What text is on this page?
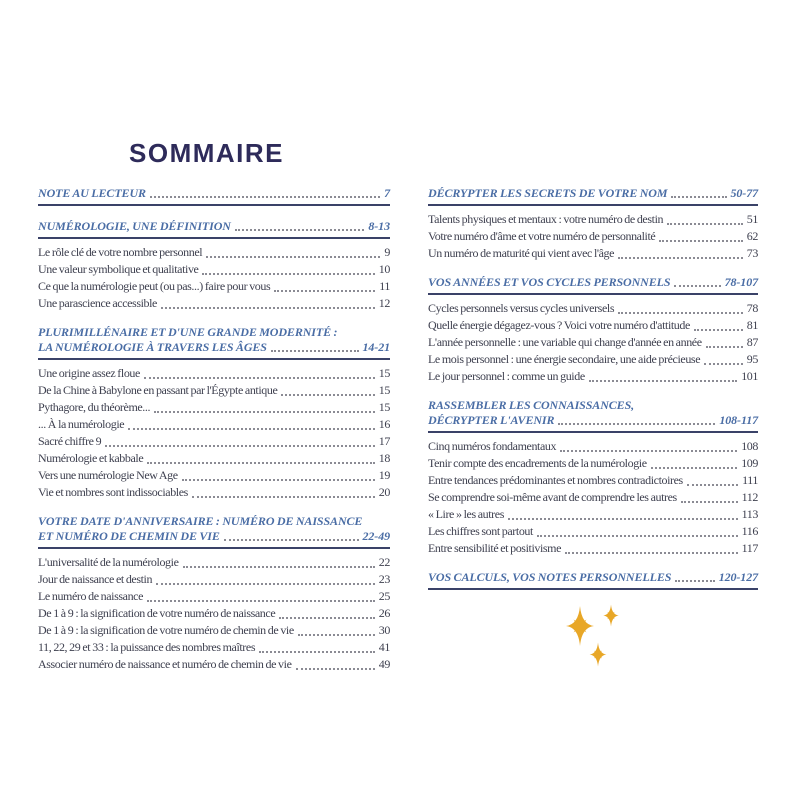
SOMMAIRE
NOTE AU LECTEUR	7
NUMÉROLOGIE, UNE DÉFINITION	8-13
Le rôle clé de votre nombre personnel	9
Une valeur symbolique et qualitative	10
Ce que la numérologie peut (ou pas...) faire pour vous	11
Une parascience accessible	12
PLURIMILLÉNAIRE ET D'UNE GRANDE MODERNITÉ :
LA NUMÉROLOGIE À TRAVERS LES ÂGES	14-21
Une origine assez floue	15
De la Chine à Babylone en passant par l'Égypte antique	15
Pythagore, du théorème...	15
... À la numérologie	16
Sacré chiffre 9	17
Numérologie et kabbale	18
Vers une numérologie New Age	19
Vie et nombres sont indissociables	20
VOTRE DATE D'ANNIVERSAIRE : NUMÉRO DE NAISSANCE
ET NUMÉRO DE CHEMIN DE VIE	22-49
L'universalité de la numérologie	22
Jour de naissance et destin	23
Le numéro de naissance	25
De 1 à 9 : la signification de votre numéro de naissance	26
De 1 à 9 : la signification de votre numéro de chemin de vie	30
11, 22, 29 et 33 : la puissance des nombres maîtres	41
Associer numéro de naissance et numéro de chemin de vie	49
DÉCRYPTER LES SECRETS DE VOTRE NOM	50-77
Talents physiques et mentaux : votre numéro de destin	51
Votre numéro d'âme et votre numéro de personnalité	62
Un numéro de maturité qui vient avec l'âge	73
VOS ANNÉES ET VOS CYCLES PERSONNELS	78-107
Cycles personnels versus cycles universels	78
Quelle énergie dégagez-vous ? Voici votre numéro d'attitude	81
L'année personnelle : une variable qui change d'année en année	87
Le mois personnel : une énergie secondaire, une aide précieuse	95
Le jour personnel : comme un guide	101
RASSEMBLER LES CONNAISSANCES,
DÉCRYPTER L'AVENIR	108-117
Cinq numéros fondamentaux	108
Tenir compte des encadrements de la numérologie	109
Entre tendances prédominantes et nombres contradictoires	111
Se comprendre soi-même avant de comprendre les autres	112
« Lire » les autres	113
Les chiffres sont partout	116
Entre sensibilité et positivisme	117
VOS CALCULS, VOS NOTES PERSONNELLES	120-127
